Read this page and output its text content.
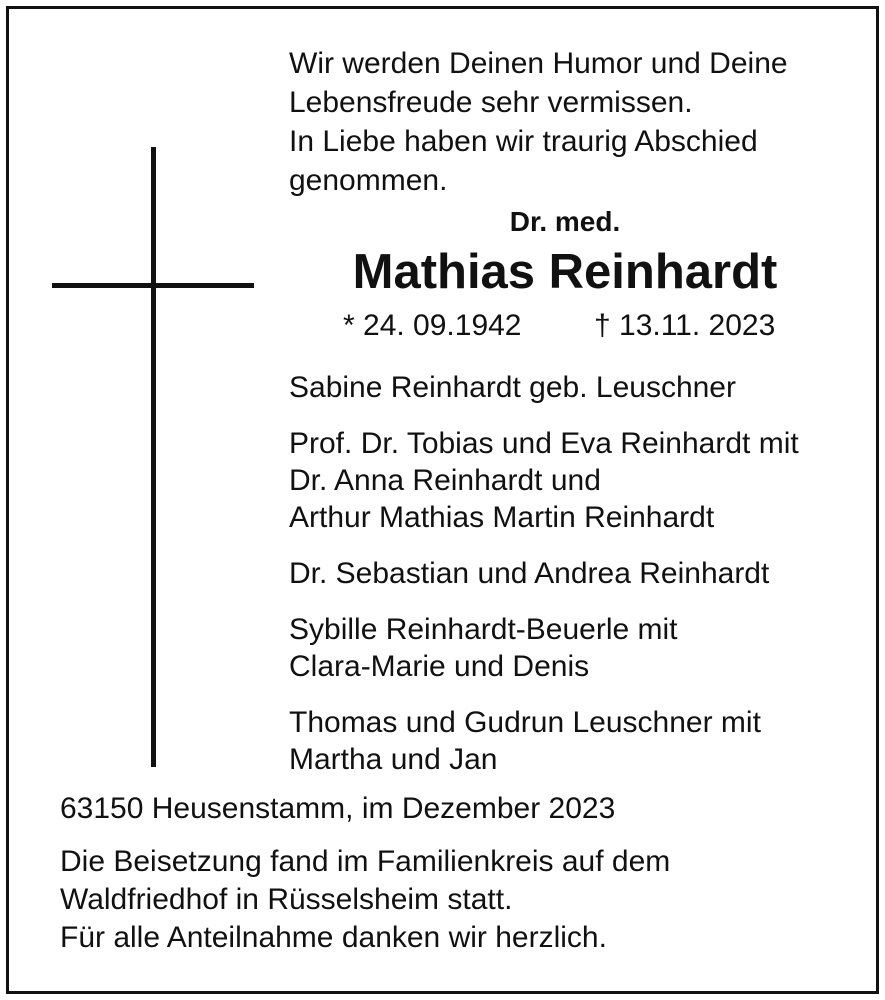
Wir werden Deinen Humor und Deine
Lebensfreude sehr vermissen.
In Liebe haben wir traurig Abschied
genommen.
Dr. med.
Mathias Reinhardt
* 24. 09.1942 † 13.11. 2023
Sabine Reinhardt geb. Leuschner
Prof. Dr. Tobias und Eva Reinhardt mit
Dr. Anna Reinhardt und
Arthur Mathias Martin Reinhardt
Dr. Sebastian und Andrea Reinhardt
Sybille Reinhardt-Beuerle mit
Clara-Marie und Denis
Thomas und Gudrun Leuschner mit
Martha und Jan
63150 Heusenstamm, im Dezember 2023
Die Beisetzung fand im Familienkreis auf dem
Waldfriedhof in Rüsselsheim statt.
Für alle Anteilnahme danken wir herzlich.
